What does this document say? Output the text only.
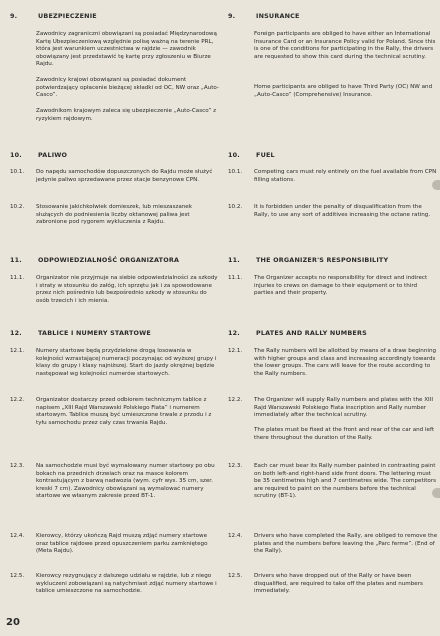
9.	UBEZPIECZENIE
Zawodnicy zagraniczni obowiązani są posiadać Międzynarodową Kartę Ubezpieczeniową względnie polisę ważną na terenie PRL, która jest warunkiem uczestnictwa w rajdzie — zawodnik obowiązany jest przedstawić tę kartę przy zgłoszeniu w Biurze Rajdu.
Zawodnicy krajowi obowiązani są posiadać dokument potwierdzający opłacenie bieżącej składki od OC, NW oraz „Auto-Casco”.
Zawodnikom krajowym zaleca się ubezpieczenie „Auto-Casco” z ryzykiem rajdowym.
10.	PALIWO
10.1.	Do napędu samochodów dopuszczonych do Rajdu może służyć jedynie paliwo sprzedawane przez stacje benzynowe CPN.
10.2.	Stosowanie jakichkolwiek domieszek, lub mieszaszanek służących do podniesienia liczby oktanowej paliwa jest zabronione pod rygorem wykluczenia z Rajdu.
11.	ODPOWIEDZIALNOŚĆ ORGANIZATORA
11.1.	Organizator nie przyjmuje na siebie odpowiedzialności za szkody i straty w stosunku do załóg, ich sprzętu jak i za spowodowane przez nich pośrednio lub bezpośrednio szkody w stosunku do osób trzecich i ich mienia.
12.	TABLICE I NUMERY STARTOWE
12.1.	Numery startowe będą przydzielone drogą losowania w kolejności wzrastającej numeracji poczynając od wyższej grupy i klasy do grupy i klasy najniższej. Start do jazdy okrężnej będzie następował wg kolejności numerów startowych.
12.2.	Organizator dostarczy przed odbiorem technicznym tablice z napisem „XIII Rajd Warszawski Polskiego Fiata” i numerem startowym. Tablice muszą być umieszczone trwale z przodu i z tyłu samochodu przez cały czas trwania Rajdu.
12.3.	Na samochodzie musi być wymalowany numer startowy po obu bokach na przednich drzwiach oraz na masce kolorem kontrastującym z barwą nadwozia (wym. cyfr wys. 35 cm, szer. kreski 7 cm). Zawodnicy obowiązani są wymalować numery startowe we własnym zakresie przed BT-1.
12.4.	Kierowcy, którzy ukończą Rajd muszą zdjąć numery startowe oraz tablice rajdowe przed opuszczeniem parku zamkniętego (Meta Rajdu).
12.5.	Kierowcy rezygnujący z dalszego udziału w rajdzie, lub z niego wykluczeni zobowiązani są natychmiast zdjąć numery startowe i tablice umieszczone na samochodzie.
9.	INSURANCE
Foreign participants are obliged to have either an International Insurance Card or an Insurance Policy valid for Poland. Since this is one of the conditions for participating in the Rally, the drivers are requested to show this card during the technical scrutiny.
Home participants are obliged to have Third Party (OC) NW and „Auto-Casco” (Comprehensive) Insurance.
10.	FUEL
10.1.	Competing cars must rely entirely on the fuel available from CPN filling stations.
10.2.	It is forbidden under the penalty of disqualification from the Rally, to use any sort of additives increasing the octane rating.
11.	THE ORGANIZER'S RESPONSIBILITY
11.1.	The Organizer accepts no responsibility for direct and indirect injuries to crews on damage to their equipment or to third parties and their property.
12.	PLATES AND RALLY NUMBERS
12.1.	The Rally numbers will be allotted by means of a draw beginning with higher groups and class and increasing accordingly towards the lower groups. The cars will leave for the route according to the Rally numbers.
12.2.	The Organizer will supply Rally numbers and plates with the XIII Rajd Warszawski Polskiego Fiata inscription and Rally number immediately after the technical scrutiny.
The plates must be fixed at the front and rear of the car and left there throughout the duration of the Rally.
12.3.	Each car must bear its Rally number painted in contrasting paint on both left-and right-hand side front doors. The lettering must be 35 centimetres high and 7 centimetres wide. The competitors are required to paint on the numbers before the technical scrutiny (BT-1).
12.4.	Drivers who have completed the Rally, are obliged to remove the plates and the numbers before leaving the „Parc ferme”. (End of the Rally).
12.5.	Drivers who have dropped out of the Rally or have been disqualified, are required to take off the plates and numbers immediately.
20
